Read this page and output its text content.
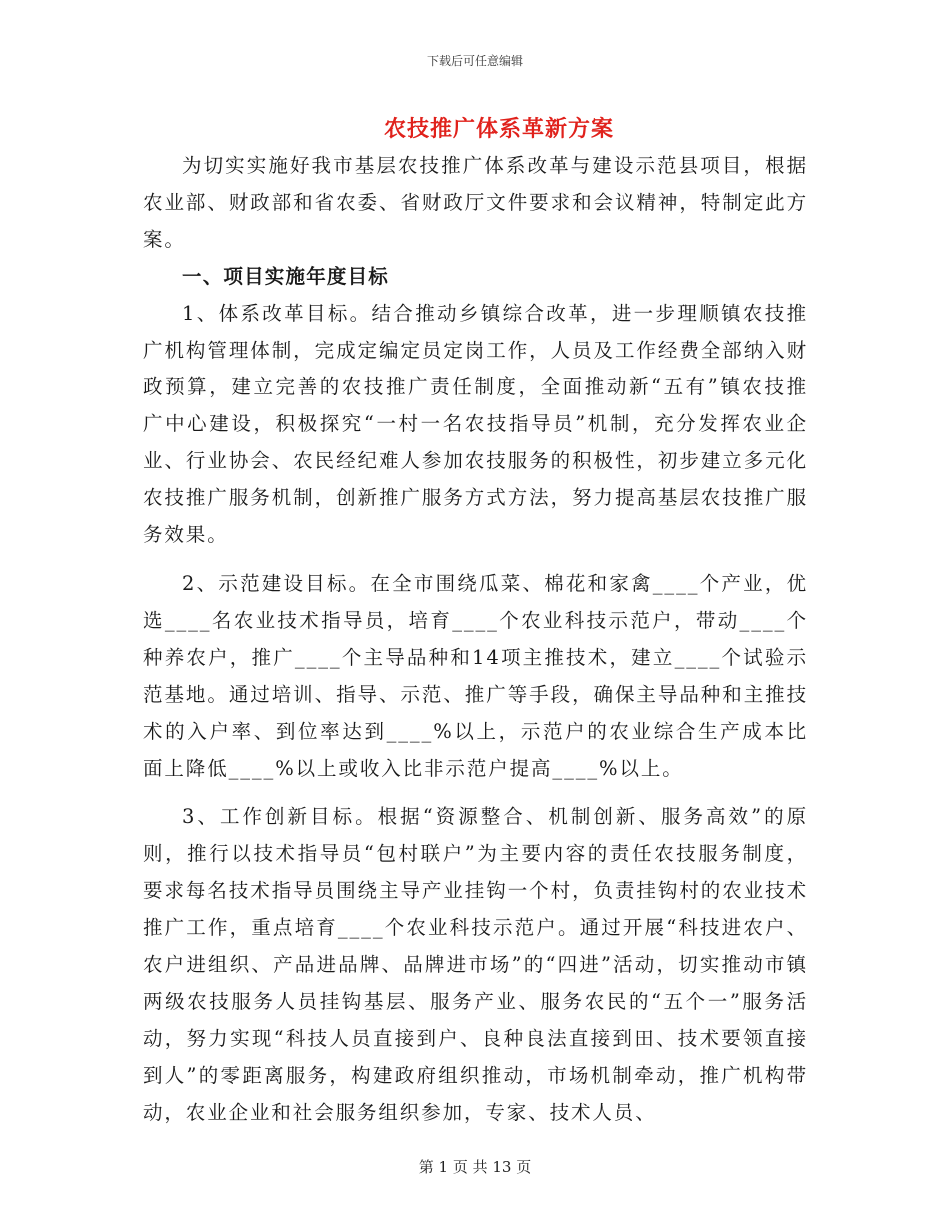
下载后可任意编辑
农技推广体系革新方案

为切实实施好我市基层农技推广体系改革与建设示范县项目，根据农业部、财政部和省农委、省财政厅文件要求和会议精神，特制定此方案。

一、项目实施年度目标

1、体系改革目标。结合推动乡镇综合改革，进一步理顺镇农技推广机构管理体制，完成定编定员定岗工作，人员及工作经费全部纳入财政预算，建立完善的农技推广责任制度，全面推动新“五有”镇农技推广中心建设，积极探究“一村一名农技指导员”机制，充分发挥农业企业、行业协会、农民经纪难人参加农技服务的积极性，初步建立多元化农技推广服务机制，创新推广服务方式方法，努力提高基层农技推广服务效果。

2、示范建设目标。在全市围绕瓜菜、棉花和家禽____个产业，优选____名农业技术指导员，培育____个农业科技示范户，带动____个种养农户，推广____个主导品种和14项主推技术，建立____个试验示范基地。通过培训、指导、示范、推广等手段，确保主导品种和主推技术的入户率、到位率达到____%以上，示范户的农业综合生产成本比面上降低____%以上或收入比非示范户提高____%以上。

3、工作创新目标。根据“资源整合、机制创新、服务高效”的原则，推行以技术指导员“包村联户”为主要内容的责任农技服务制度，要求每名技术指导员围绕主导产业挂钩一个村，负责挂钩村的农业技术推广工作，重点培育____个农业科技示范户。通过开展“科技进农户、农户进组织、产品进品牌、品牌进市场”的“四进”活动，切实推动市镇两级农技服务人员挂钩基层、服务产业、服务农民的“五个一”服务活动，努力实现“科技人员直接到户、良种良法直接到田、技术要领直接到人”的零距离服务，构建政府组织推动，市场机制牵动，推广机构带动，农业企业和社会服务组织参加，专家、技术人员、

第 1 页 共 13 页
